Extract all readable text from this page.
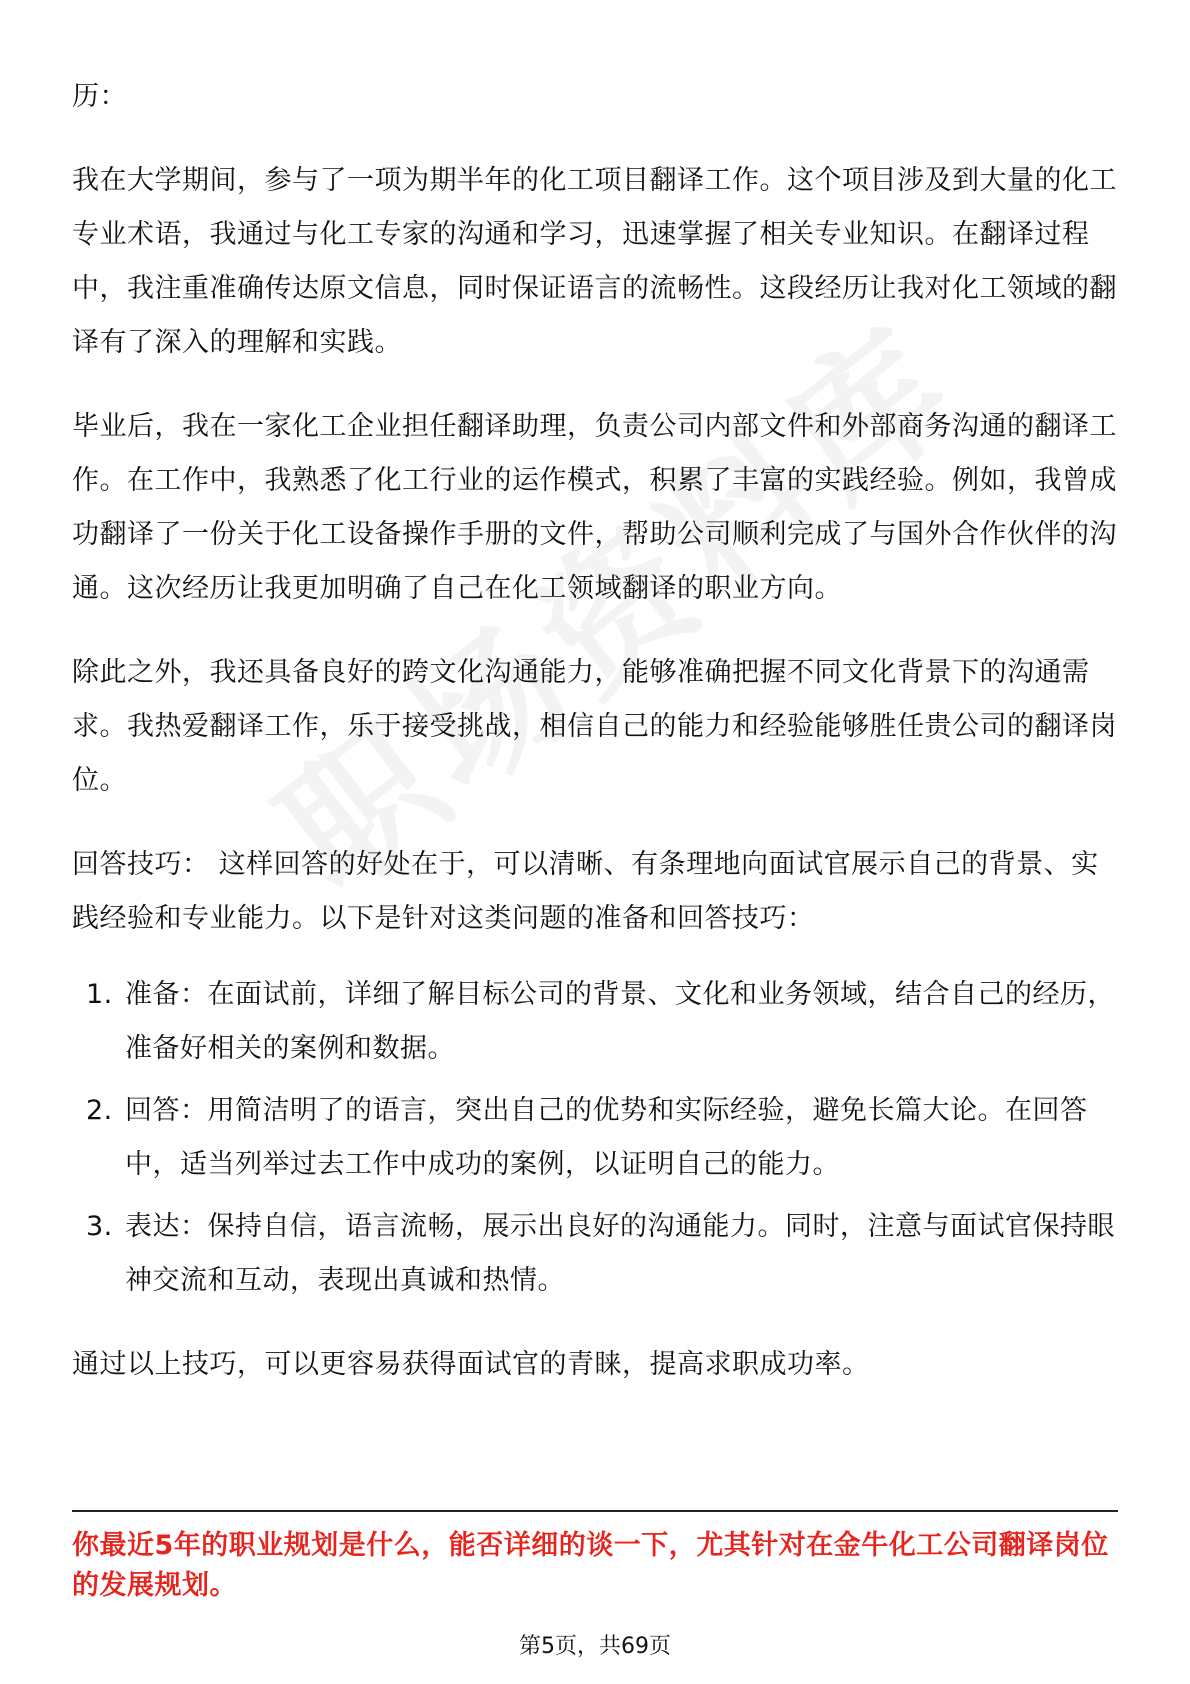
历：

我在大学期间，参与了一项为期半年的化工项目翻译工作。这个项目涉及到大量的化工专业术语，我通过与化工专家的沟通和学习，迅速掌握了相关专业知识。在翻译过程中，我注重准确传达原文信息，同时保证语言的流畅性。这段经历让我对化工领域的翻译有了深入的理解和实践。

毕业后，我在一家化工企业担任翻译助理，负责公司内部文件和外部商务沟通的翻译工作。在工作中，我熟悉了化工行业的运作模式，积累了丰富的实践经验。例如，我曾成功翻译了一份关于化工设备操作手册的文件，帮助公司顺利完成了与国外合作伙伴的沟通。这次经历让我更加明确了自己在化工领域翻译的职业方向。

除此之外，我还具备良好的跨文化沟通能力，能够准确把握不同文化背景下的沟通需求。我热爱翻译工作，乐于接受挑战，相信自己的能力和经验能够胜任贵公司的翻译岗位。

回答技巧： 这样回答的好处在于，可以清晰、有条理地向面试官展示自己的背景、实践经验和专业能力。以下是针对这类问题的准备和回答技巧：

1. 准备：在面试前，详细了解目标公司的背景、文化和业务领域，结合自己的经历，准备好相关的案例和数据。
2. 回答：用简洁明了的语言，突出自己的优势和实际经验，避免长篇大论。在回答中，适当列举过去工作中成功的案例，以证明自己的能力。
3. 表达：保持自信，语言流畅，展示出良好的沟通能力。同时，注意与面试官保持眼神交流和互动，表现出真诚和热情。

通过以上技巧，可以更容易获得面试官的青睐，提高求职成功率。

你最近5年的职业规划是什么，能否详细的谈一下，尤其针对在金牛化工公司翻译岗位的发展规划。

第5页，共69页
